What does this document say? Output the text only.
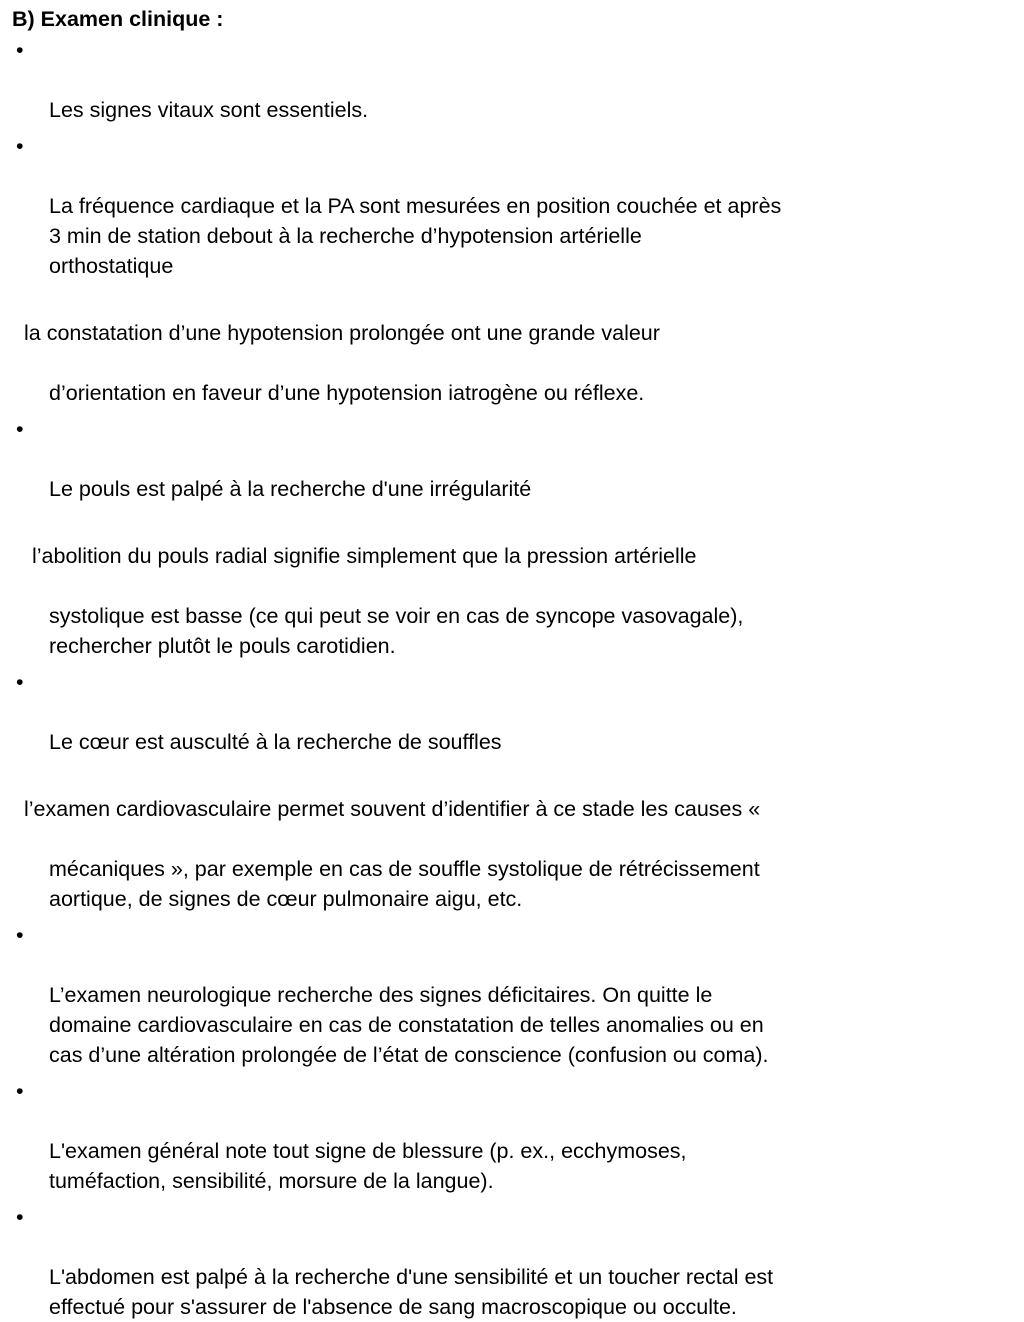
B) Examen clinique :

•

Les signes vitaux sont essentiels.

•

La fréquence cardiaque et la PA sont mesurées en position couchée et après
3 min de station debout à la recherche d’hypotension artérielle
orthostatique

la constatation d’une hypotension prolongée ont une grande valeur

d’orientation en faveur d’une hypotension iatrogène ou réflexe.

•

Le pouls est palpé à la recherche d'une irrégularité

l’abolition du pouls radial signifie simplement que la pression artérielle

systolique est basse (ce qui peut se voir en cas de syncope vasovagale),
rechercher plutôt le pouls carotidien.

•

Le cœur est ausculté à la recherche de souffles

l’examen cardiovasculaire permet souvent d’identifier à ce stade les causes «

mécaniques », par exemple en cas de souffle systolique de rétrécissement
aortique, de signes de cœur pulmonaire aigu, etc.

•

L’examen neurologique recherche des signes déficitaires. On quitte le
domaine cardiovasculaire en cas de constatation de telles anomalies ou en
cas d’une altération prolongée de l’état de conscience (confusion ou coma).

•

L'examen général note tout signe de blessure (p. ex., ecchymoses,
tuméfaction, sensibilité, morsure de la langue).

•

L'abdomen est palpé à la recherche d'une sensibilité et un toucher rectal est
effectué pour s'assurer de l'absence de sang macroscopique ou occulte.
